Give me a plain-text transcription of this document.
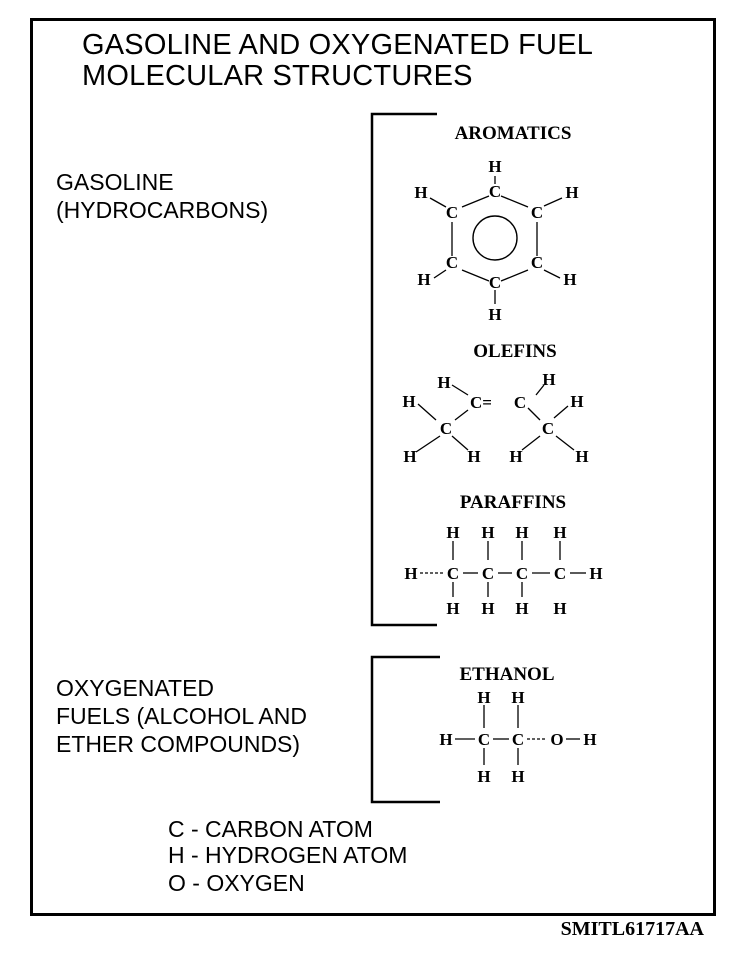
GASOLINE AND OXYGENATED FUEL
MOLECULAR STRUCTURES
GASOLINE
(HYDROCARBONS)
OXYGENATED
FUELS (ALCOHOL AND
ETHER COMPOUNDS)
AROMATICS
H
C
C
C
C
C
C
H
H
H
H
H
OLEFINS
H
H	C= C
H
H
C	C
H	H H	H
PARAFFINS
H H H H
H C C C C H
H H H H
ETHANOL
H H
H C C O H
H H
C - CARBON ATOM
H - HYDROGEN ATOM
O - OXYGEN
SMITL61717AA
